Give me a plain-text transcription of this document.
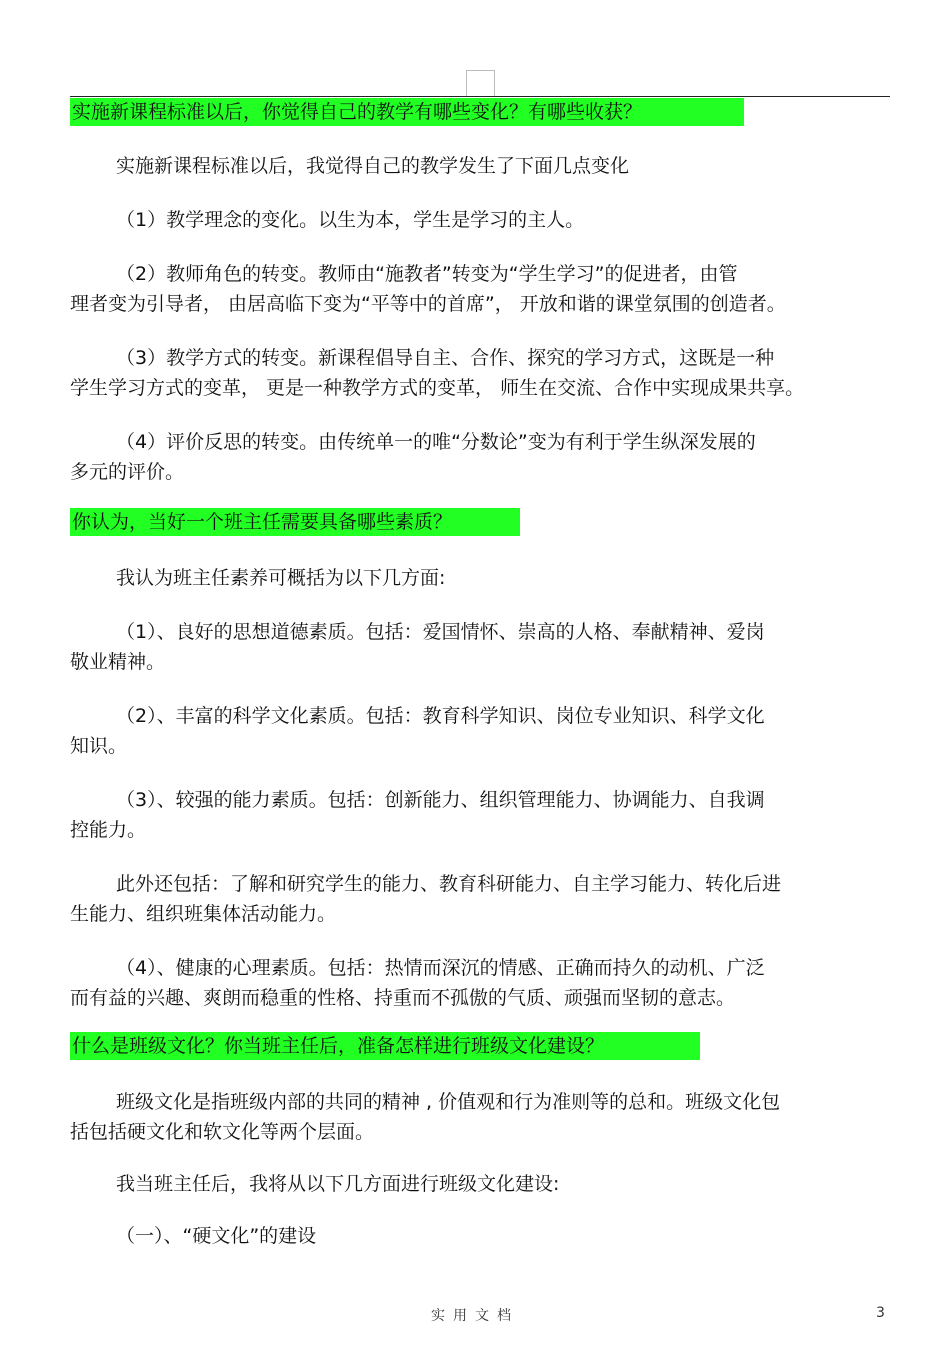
实施新课程标准以后，你觉得自己的教学有哪些变化？有哪些收获？
实施新课程标准以后，我觉得自己的教学发生了下面几点变化
（1）教学理念的变化。以生为本，学生是学习的主人。
（2）教师角色的转变。教师由“施教者”转变为“学生学习”的促进者，由管
理者变为引导者， 由居高临下变为“平等中的首席”， 开放和谐的课堂氛围的创造者。
（3）教学方式的转变。新课程倡导自主、合作、探究的学习方式，这既是一种
学生学习方式的变革， 更是一种教学方式的变革， 师生在交流、合作中实现成果共享。
（4）评价反思的转变。由传统单一的唯“分数论”变为有利于学生纵深发展的
多元的评价。
你认为，当好一个班主任需要具备哪些素质？
我认为班主任素养可概括为以下几方面:
（1）、良好的思想道德素质。包括：爱国情怀、崇高的人格、奉献精神、爱岗
敬业精神。
（2）、丰富的科学文化素质。包括：教育科学知识、岗位专业知识、科学文化
知识。
（3）、较强的能力素质。包括：创新能力、组织管理能力、协调能力、自我调
控能力。
此外还包括：了解和研究学生的能力、教育科研能力、自主学习能力、转化后进
生能力、组织班集体活动能力。
（4）、健康的心理素质。包括：热情而深沉的情感、正确而持久的动机、广泛
而有益的兴趣、爽朗而稳重的性格、持重而不孤傲的气质、顽强而坚韧的意志。
什么是班级文化？你当班主任后，准备怎样进行班级文化建设？
班级文化是指班级内部的共同的精神 , 价值观和行为准则等的总和。班级文化包
括包括硬文化和软文化等两个层面。
我当班主任后，我将从以下几方面进行班级文化建设:
（一）、“硬文化”的建设
实用文档	3
